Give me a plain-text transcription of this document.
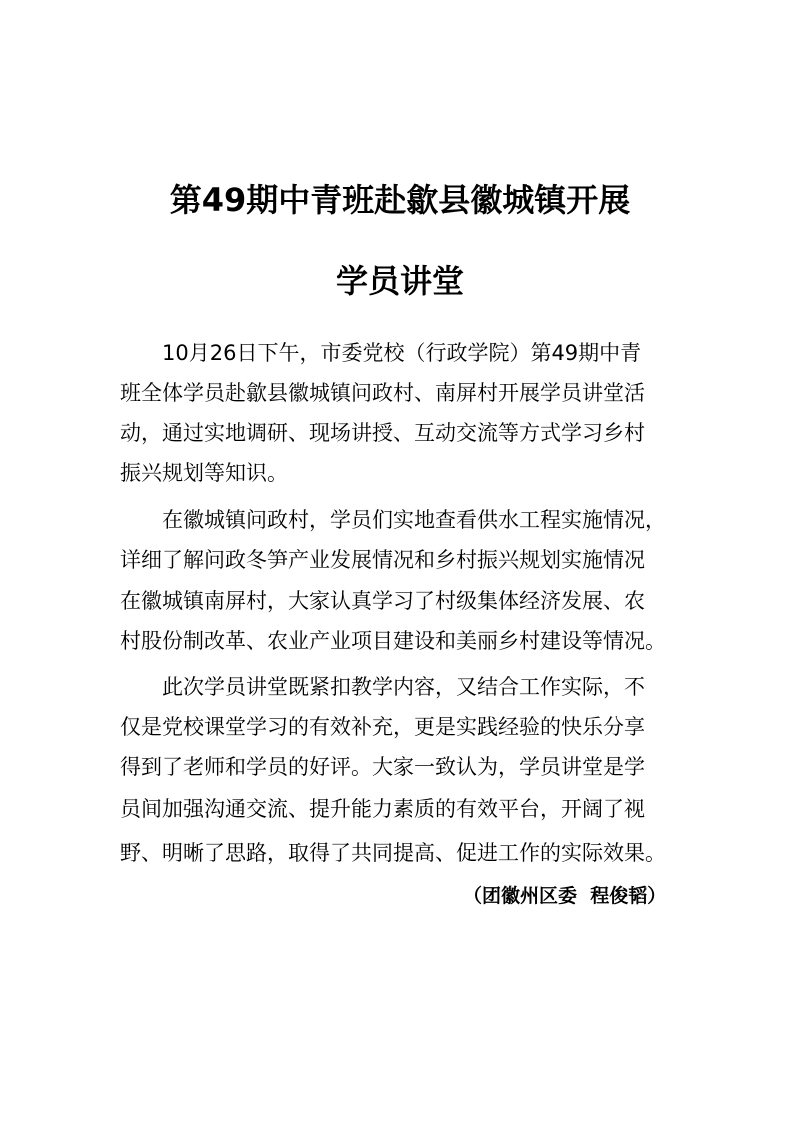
第49期中青班赴歙县徽城镇开展
学员讲堂
10月26日下午，市委党校（行政学院）第49期中青
班全体学员赴歙县徽城镇问政村、南屏村开展学员讲堂活
动，通过实地调研、现场讲授、互动交流等方式学习乡村
振兴规划等知识。
在徽城镇问政村，学员们实地查看供水工程实施情况，
详细了解问政冬笋产业发展情况和乡村振兴规划实施情况
在徽城镇南屏村，大家认真学习了村级集体经济发展、农
村股份制改革、农业产业项目建设和美丽乡村建设等情况。
此次学员讲堂既紧扣教学内容，又结合工作实际，不
仅是党校课堂学习的有效补充，更是实践经验的快乐分享
得到了老师和学员的好评。大家一致认为，学员讲堂是学
员间加强沟通交流、提升能力素质的有效平台，开阔了视
野、明晰了思路，取得了共同提高、促进工作的实际效果。
（团徽州区委  程俊韬）
